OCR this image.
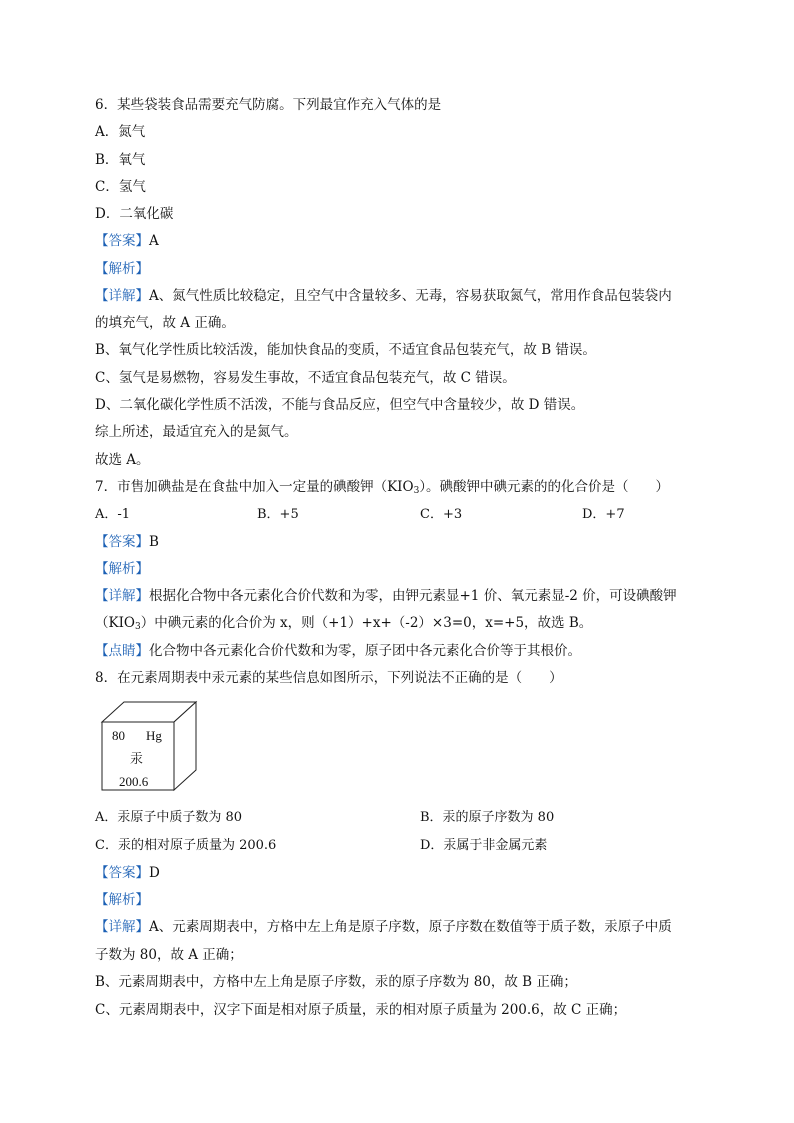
6．某些袋装食品需要充气防腐。下列最宜作充入气体的是
A．氮气
B．氧气
C．氢气
D．二氧化碳
【答案】A
【解析】
【详解】A、氮气性质比较稳定，且空气中含量较多、无毒，容易获取氮气，常用作食品包装袋内
的填充气，故 A 正确。
B、氧气化学性质比较活泼，能加快食品的变质，不适宜食品包装充气，故 B 错误。
C、氢气是易燃物，容易发生事故，不适宜食品包装充气，故 C 错误。
D、二氧化碳化学性质不活泼，不能与食品反应，但空气中含量较少，故 D 错误。
综上所述，最适宜充入的是氮气。
故选 A。
7．市售加碘盐是在食盐中加入一定量的碘酸钾$(KIO_3)$。碘酸钾中碘元素的的化合价是（　　）
A．-1	B．+5	C．+3	D．+7
【答案】B
【解析】
【详解】根据化合物中各元素化合价代数和为零，由钾元素显+1 价、氧元素显-2 价，可设碘酸钾
$(KIO_3)$中碘元素的化合价为 x，则（+1）+x+（-2）×3=0，x=+5，故选 B。
【点睛】化合物中各元素化合价代数和为零，原子团中各元素化合价等于其根价。
8．在元素周期表中汞元素的某些信息如图所示，下列说法不正确的是（　　）
80 Hg
汞
200.6
A．汞原子中质子数为 80	B．汞的原子序数为 80
C．汞的相对原子质量为 200.6	D．汞属于非金属元素
【答案】D
【解析】
【详解】A、元素周期表中，方格中左上角是原子序数，原子序数在数值等于质子数，汞原子中质
子数为 80，故 A 正确；
B、元素周期表中，方格中左上角是原子序数，汞的原子序数为 80，故 B 正确；
C、元素周期表中，汉字下面是相对原子质量，汞的相对原子质量为 200.6，故 C 正确；
